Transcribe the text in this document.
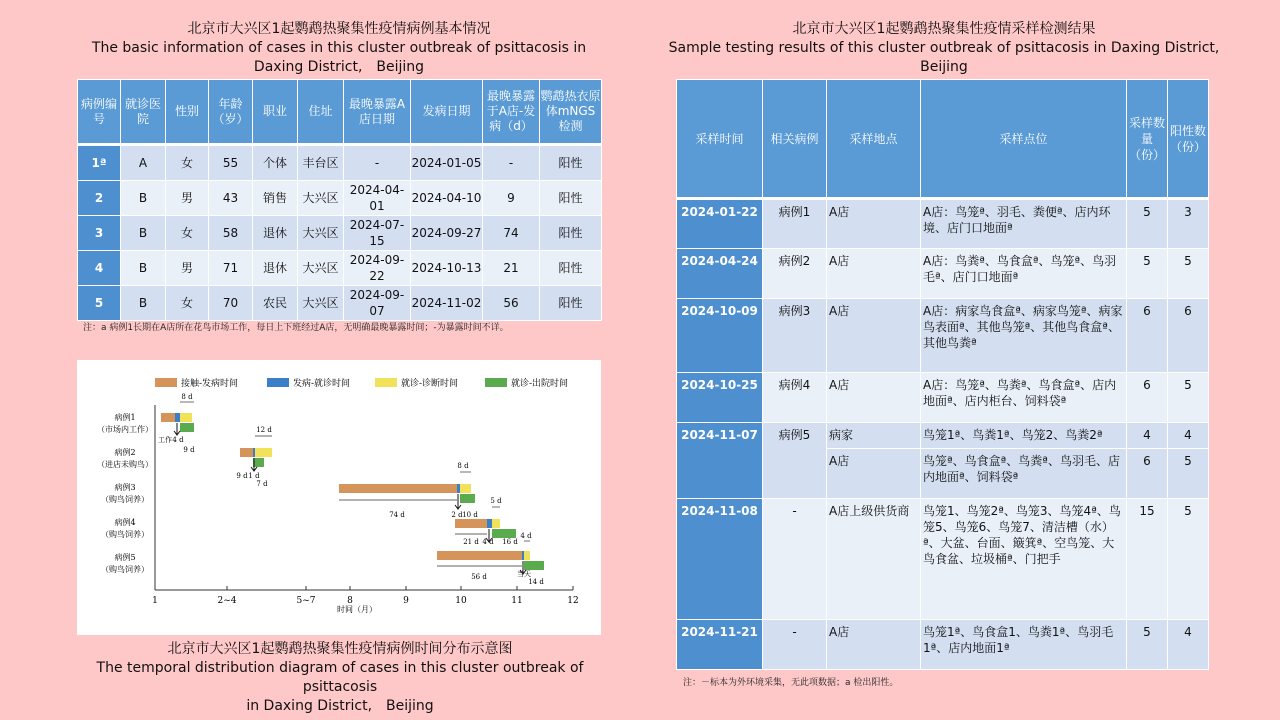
北京市大兴区1起鹦鹉热聚集性疫情病例基本情况
The basic information of cases in this cluster outbreak of psittacosis in
Daxing District,　Beijing
病例编号	就诊医院	性别	年龄（岁）	职业	住址	最晚暴露A店日期	发病日期	最晚暴露于A店-发病（d）	鹦鹉热衣原体mNGS检测
1ª	A	女	55	个体	丰台区	-	2024-01-05	-	阳性
2	B	男	43	销售	大兴区	2024-04-01	2024-04-10	9	阳性
3	B	女	58	退休	大兴区	2024-07-15	2024-09-27	74	阳性
4	B	男	71	退休	大兴区	2024-09-22	2024-10-13	21	阳性
5	B	女	70	农民	大兴区	2024-09-07	2024-11-02	56	阳性
注：a 病例1长期在A店所在花鸟市场工作，每日上下班经过A店，无明确最晚暴露时间；-为暴露时间不详。
接触-发病时间	发病-就诊时间	就诊-诊断时间	就诊-出院时间
1	2~4	5~7	8	9	10	11	12
时间（月）
病例1
（市场内工作）
病例2
（进店未购鸟）
病例3
（购鸟饲养）
病例4
（购鸟饲养）
病例5
（购鸟饲养）
8 d
工作 4 d
9 d
12 d
9 d 1 d
7 d
8 d
74 d	2 d 10 d
5 d
21 d 4 d 16 d
4 d
56 d	当天
14 d
北京市大兴区1起鹦鹉热聚集性疫情病例时间分布示意图
The temporal distribution diagram of cases in this cluster outbreak of psittacosis
in Daxing District,　Beijing
北京市大兴区1起鹦鹉热聚集性疫情采样检测结果
Sample testing results of this cluster outbreak of psittacosis in Daxing District,
Beijing
采样时间	相关病例	采样地点	采样点位	采样数量（份）	阳性数（份）
2024-01-22	病例1	A店	A店：鸟笼ª、羽毛、粪便ª、店内环境、店门口地面ª	5	3
2024-04-24	病例2	A店	A店：鸟粪ª、鸟食盒ª、鸟笼ª、鸟羽毛ª、店门口地面ª	5	5
2024-10-09	病例3	A店	A店：病家鸟食盒ª、病家鸟笼ª、病家鸟表面ª、其他鸟笼ª、其他鸟食盒ª、其他鸟粪ª	6	6
2024-10-25	病例4	A店	A店：鸟笼ª、鸟粪ª、鸟食盒ª、店内地面ª、店内柜台、饲料袋ª	6	5
2024-11-07	病例5	病家	鸟笼1ª、鸟粪1ª、鸟笼2、鸟粪2ª	4	4
		A店	鸟笼ª、鸟食盒ª、鸟粪ª、鸟羽毛、店内地面ª、饲料袋ª	6	5
2024-11-08	-	A店上级供货商	鸟笼1、鸟笼2ª、鸟笼3、鸟笼4ª、鸟笼5、鸟笼6、鸟笼7、清洁槽（水）ª、大盆、台面、簸箕ª、空鸟笼、大鸟食盆、垃圾桶ª、门把手	15	5
2024-11-21	-	A店	鸟笼1ª、鸟食盒1、鸟粪1ª、鸟羽毛1ª、店内地面1ª	5	4
注：－标本为外环境采集，无此项数据；a 检出阳性。
